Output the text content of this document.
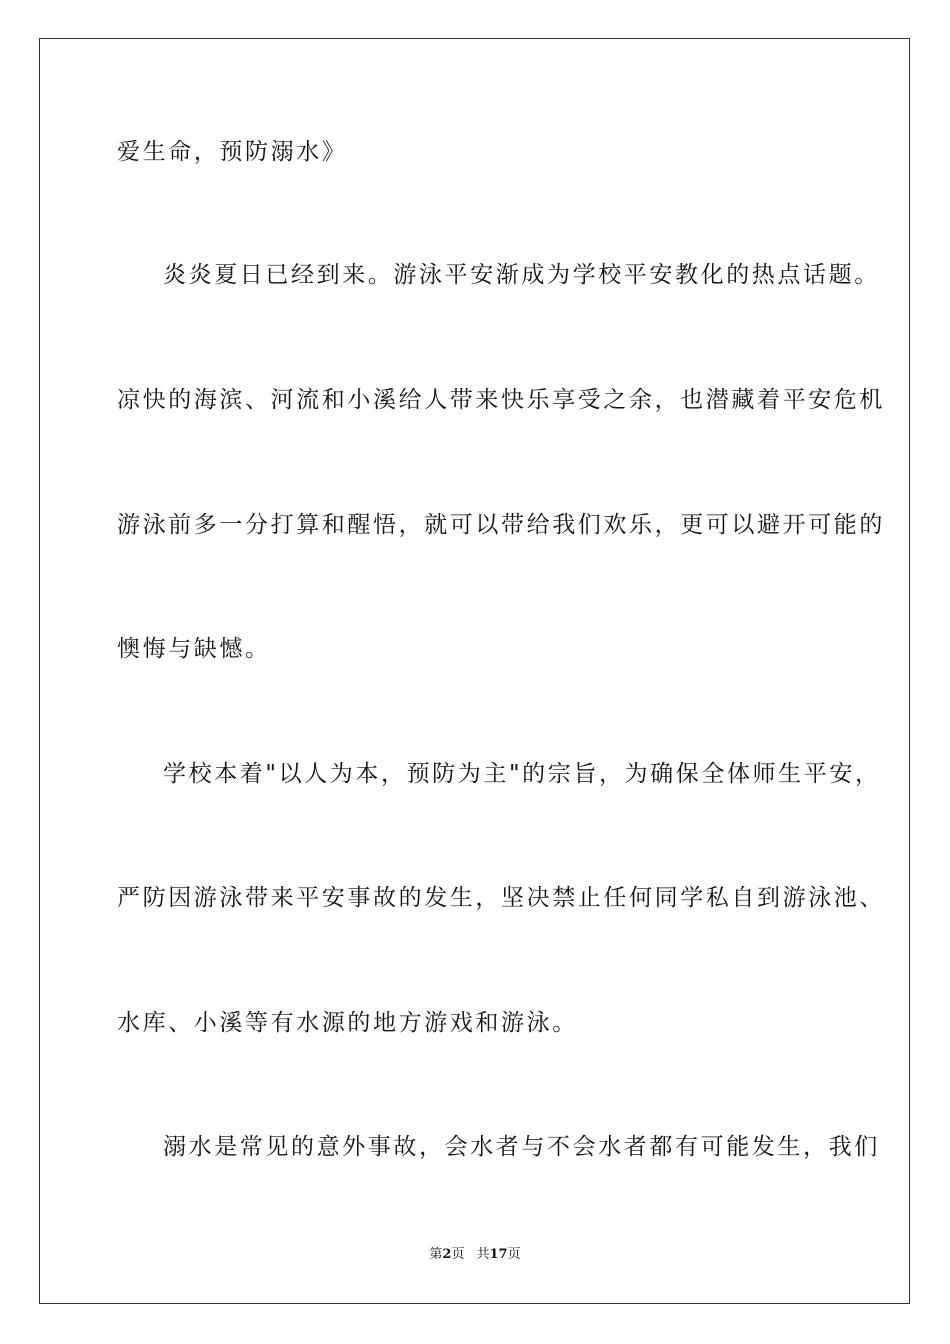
爱生命，预防溺水》
炎炎夏日已经到来。游泳平安渐成为学校平安教化的热点话题。
凉快的海滨、河流和小溪给人带来快乐享受之余，也潜藏着平安危机
游泳前多一分打算和醒悟，就可以带给我们欢乐，更可以避开可能的
懊悔与缺憾。
学校本着"以人为本，预防为主"的宗旨，为确保全体师生平安，
严防因游泳带来平安事故的发生，坚决禁止任何同学私自到游泳池、
水库、小溪等有水源的地方游戏和游泳。
溺水是常见的意外事故，会水者与不会水者都有可能发生，我们
第2页 共17页
